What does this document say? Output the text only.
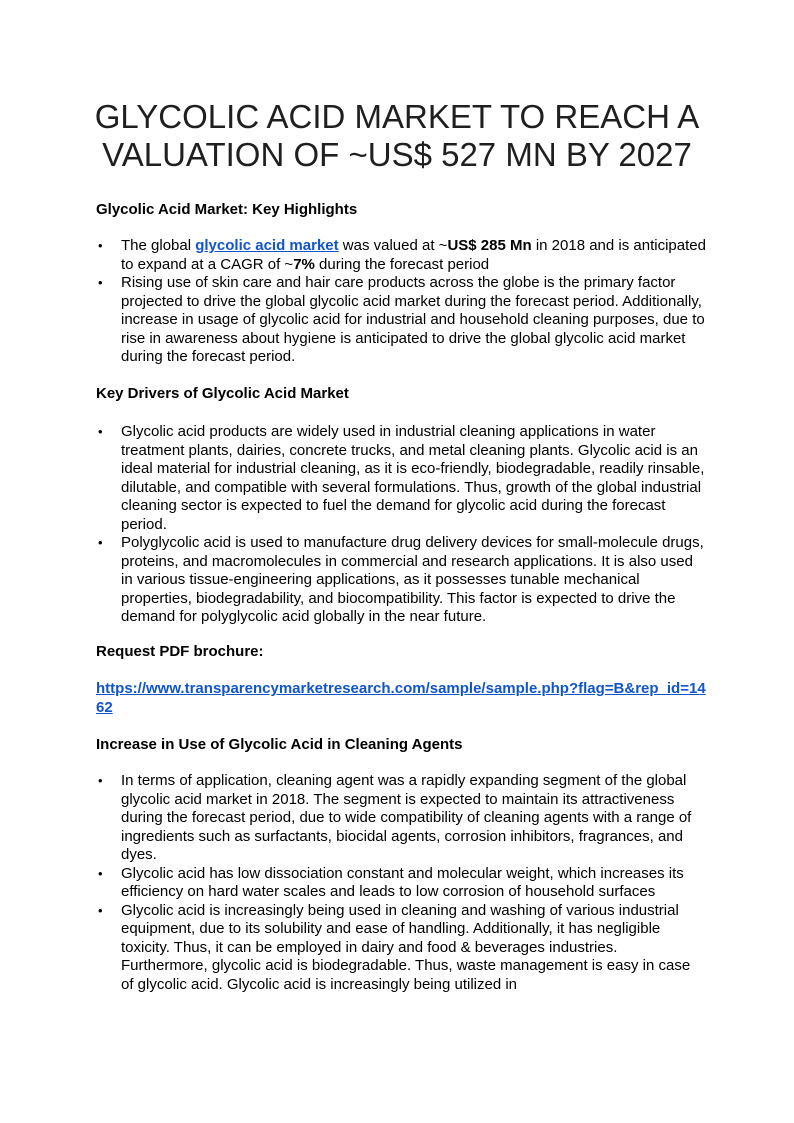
GLYCOLIC ACID MARKET TO REACH A
VALUATION OF ~US$ 527 MN BY 2027
Glycolic Acid Market: Key Highlights
• The global glycolic acid market was valued at ~US$ 285 Mn in 2018 and is anticipated to expand at a CAGR of ~7% during the forecast period
• Rising use of skin care and hair care products across the globe is the primary factor projected to drive the global glycolic acid market during the forecast period. Additionally, increase in usage of glycolic acid for industrial and household cleaning purposes, due to rise in awareness about hygiene is anticipated to drive the global glycolic acid market during the forecast period.
Key Drivers of Glycolic Acid Market
• Glycolic acid products are widely used in industrial cleaning applications in water treatment plants, dairies, concrete trucks, and metal cleaning plants. Glycolic acid is an ideal material for industrial cleaning, as it is eco-friendly, biodegradable, readily rinsable, dilutable, and compatible with several formulations. Thus, growth of the global industrial cleaning sector is expected to fuel the demand for glycolic acid during the forecast period.
• Polyglycolic acid is used to manufacture drug delivery devices for small-molecule drugs, proteins, and macromolecules in commercial and research applications. It is also used in various tissue-engineering applications, as it possesses tunable mechanical properties, biodegradability, and biocompatibility. This factor is expected to drive the demand for polyglycolic acid globally in the near future.
Request PDF brochure:

https://www.transparencymarketresearch.com/sample/sample.php?flag=B&rep_id=1462

Increase in Use of Glycolic Acid in Cleaning Agents
• In terms of application, cleaning agent was a rapidly expanding segment of the global glycolic acid market in 2018. The segment is expected to maintain its attractiveness during the forecast period, due to wide compatibility of cleaning agents with a range of ingredients such as surfactants, biocidal agents, corrosion inhibitors, fragrances, and dyes.
• Glycolic acid has low dissociation constant and molecular weight, which increases its efficiency on hard water scales and leads to low corrosion of household surfaces
• Glycolic acid is increasingly being used in cleaning and washing of various industrial equipment, due to its solubility and ease of handling. Additionally, it has negligible toxicity. Thus, it can be employed in dairy and food & beverages industries. Furthermore, glycolic acid is biodegradable. Thus, waste management is easy in case of glycolic acid. Glycolic acid is increasingly being utilized in
